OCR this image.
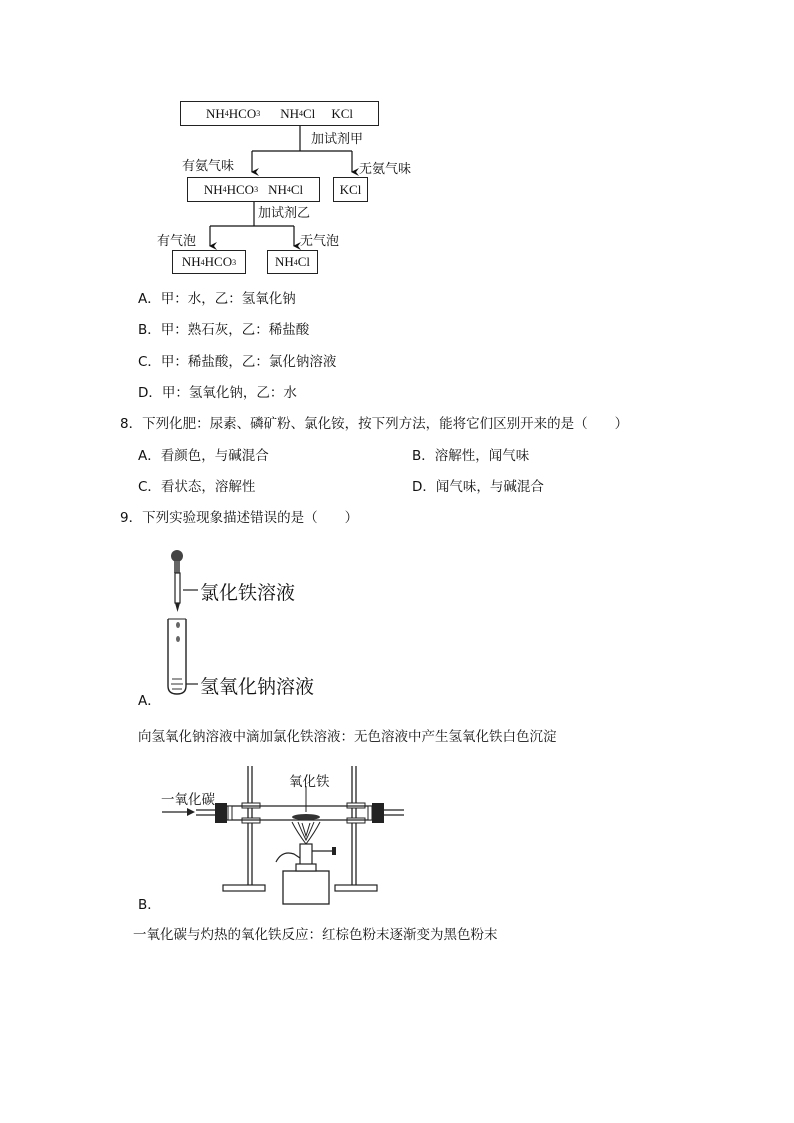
NH 4 HCO 3 NH 4 Cl KCl
加试剂甲
有氨气味	无氨气味
NH 4 HCO 3 NH 4 Cl	KCl
加试剂乙
有气泡	无气泡
NH 4 HCO 3	NH 4 Cl
A．甲：水，乙：氢氧化钠
B．甲：熟石灰，乙：稀盐酸
C．甲：稀盐酸，乙：氯化钠溶液
D．甲：氢氧化钠，乙：水
8．下列化肥：尿素、磷矿粉、氯化铵，按下列方法，能将它们区别开来的是（　　）
A．看颜色，与碱混合	B．溶解性，闻气味
C．看状态，溶解性	D．闻气味，与碱混合
9．下列实验现象描述错误的是（　　）
氯化铁溶液
氢氧化钠溶液
A．
向氢氧化钠溶液中滴加氯化铁溶液：无色溶液中产生氢氧化铁白色沉淀
一氧化碳
氧化铁
B．
一氧化碳与灼热的氧化铁反应：红棕色粉末逐渐变为黑色粉末
